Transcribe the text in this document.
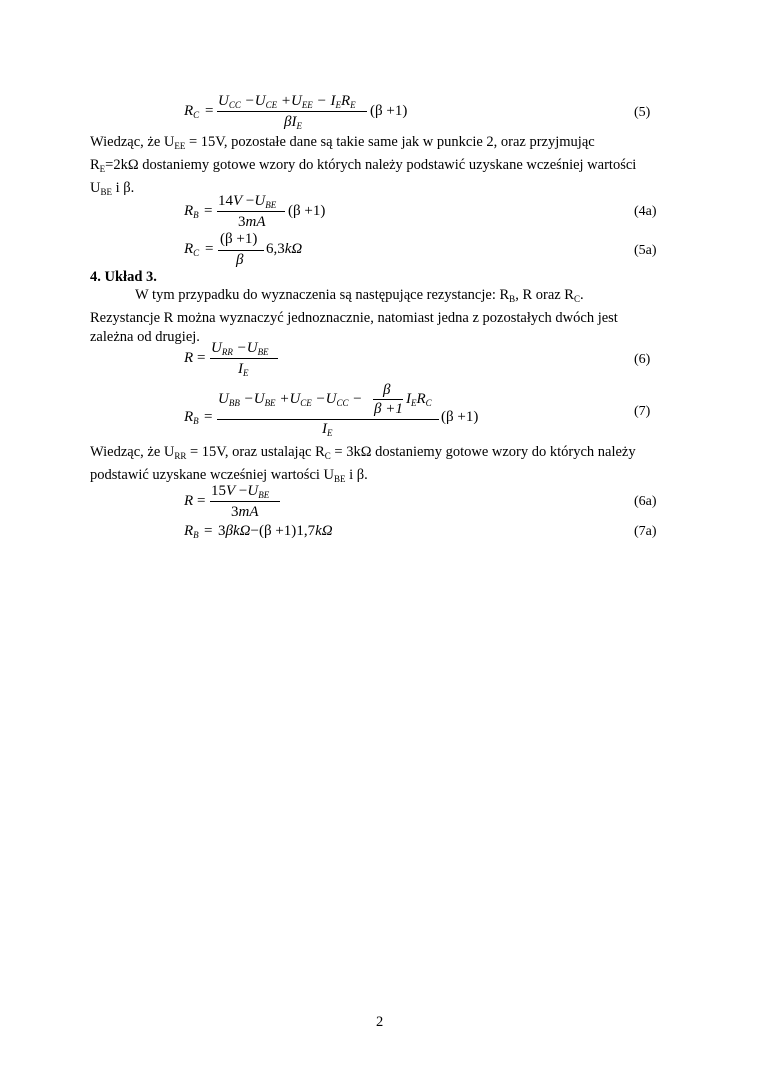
$R_C$ =
$U_{CC} -U_{CE} +U_{EE} - I_ER_E$
$\beta I_E$
(β +1)	(5)

Wiedząc, że $U_{EE} = 15V$, pozostałe dane są takie same jak w punkcie 2, oraz przyjmując

$R_E=2k\Omega$ dostaniemy gotowe wzory do których należy podstawić uzyskane wcześniej wartości

$U_{BE}$ i β.

$R_B$ =
$14V -U_{BE}$
3mA
(β +1)	(4a)
$R_C$ =
(β +1)
β
6,3kΩ	(5a)
4. Układ 3.

W tym przypadku do wyznaczenia są następujące rezystancje: $R_B$, R oraz $R_C$.

Rezystancje R można wyznaczyć jednoznacznie, natomiast jedna z pozostałych dwóch jest

zależna od drugiej.

R =
$U_{RR} -U_{BE}$
$I_E$
(6)
$R_B$ =
$U_{BB} -U_{BE} +U_{CE} -U_{CC}$ −
β
β +1
$I_ER_C$
$I_E$
(β +1)	(7)

Wiedząc, że $U_{RR} = 15V$, oraz ustalając $R_C = 3k\Omega$ dostaniemy gotowe wzory do których należy

podstawić uzyskane wcześniej wartości $U_{BE}$ i β.

R =
$15V -U_{BE}$
3mA
(6a)
$R_B = 3\beta k\Omega-(\beta +1)1,7k\Omega$	(7a)
2
